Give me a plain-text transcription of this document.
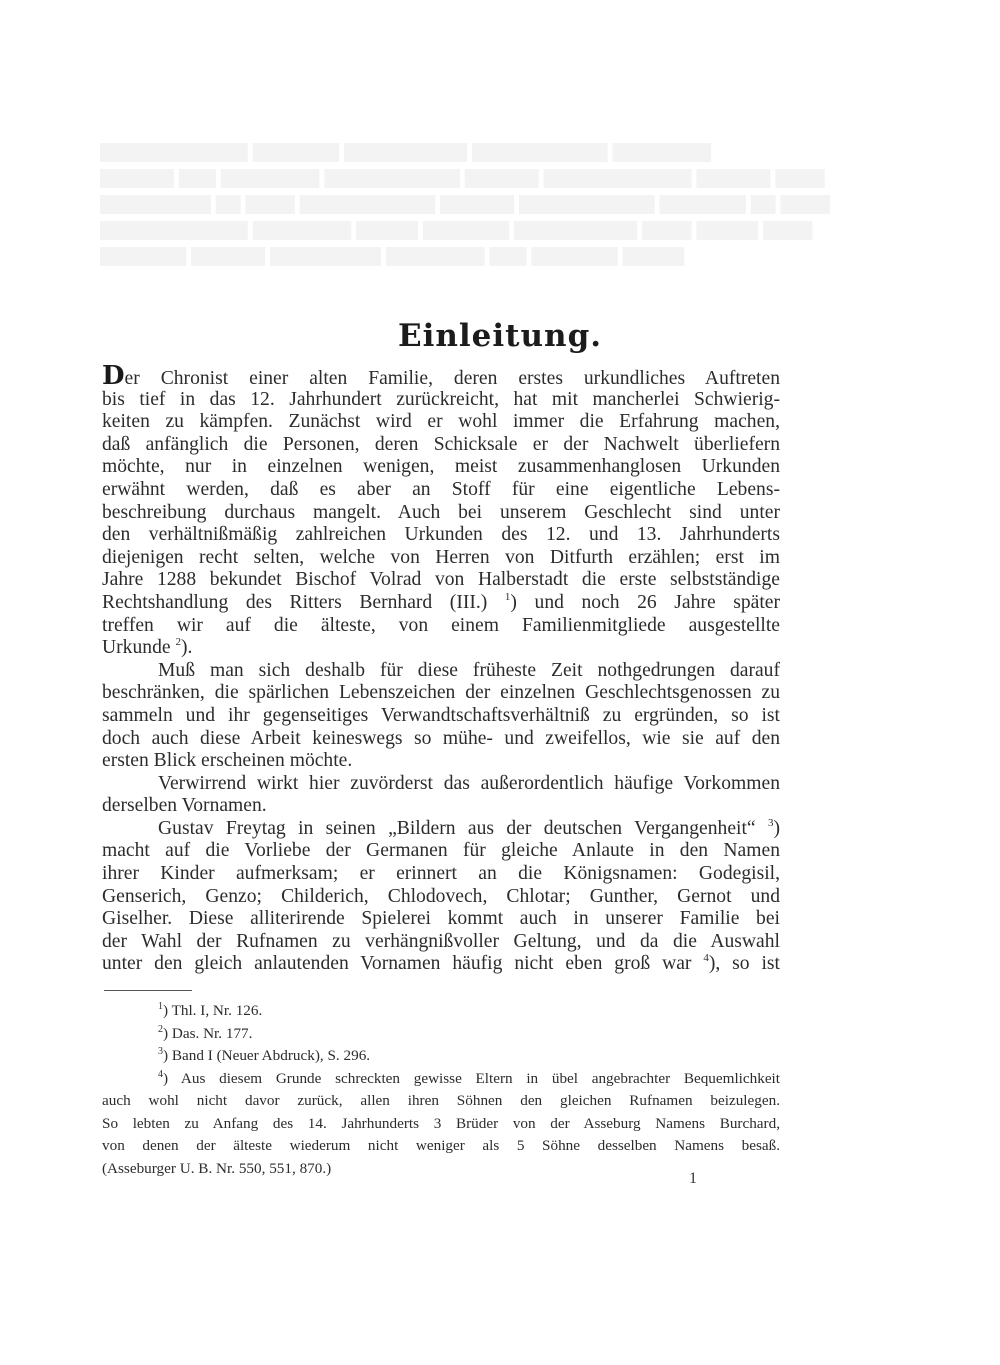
Einleitung.
Der Chronist einer alten Familie, deren erstes urkundliches Auftreten
bis tief in das 12. Jahrhundert zurückreicht, hat mit mancherlei Schwierig-
keiten zu kämpfen. Zunächst wird er wohl immer die Erfahrung machen,
daß anfänglich die Personen, deren Schicksale er der Nachwelt überliefern
möchte, nur in einzelnen wenigen, meist zusammenhanglosen Urkunden
erwähnt werden, daß es aber an Stoff für eine eigentliche Lebens-
beschreibung durchaus mangelt. Auch bei unserem Geschlecht sind unter
den verhältnißmäßig zahlreichen Urkunden des 12. und 13. Jahrhunderts
diejenigen recht selten, welche von Herren von Ditfurth erzählen; erst im
Jahre 1288 bekundet Bischof Volrad von Halberstadt die erste selbstständige
Rechtshandlung des Ritters Bernhard (III.) $^1$) und noch 26 Jahre später
treffen wir auf die älteste, von einem Familienmitgliede ausgestellte
Urkunde $^2$).
Muß man sich deshalb für diese früheste Zeit nothgedrungen darauf
beschränken, die spärlichen Lebenszeichen der einzelnen Geschlechtsgenossen zu
sammeln und ihr gegenseitiges Verwandtschaftsverhältniß zu ergründen, so ist
doch auch diese Arbeit keineswegs so mühe- und zweifellos, wie sie auf den
ersten Blick erscheinen möchte.
Verwirrend wirkt hier zuvörderst das außerordentlich häufige Vorkommen
derselben Vornamen.
Gustav Freytag in seinen „Bildern aus der deutschen Vergangenheit“ $^3$)
macht auf die Vorliebe der Germanen für gleiche Anlaute in den Namen
ihrer Kinder aufmerksam; er erinnert an die Königsnamen: Godegisil,
Genserich, Genzo; Childerich, Chlodovech, Chlotar; Gunther, Gernot und
Giselher. Diese alliterirende Spielerei kommt auch in unserer Familie bei
der Wahl der Rufnamen zu verhängnißvoller Geltung, und da die Auswahl
unter den gleich anlautenden Vornamen häufig nicht eben groß war $^4$), so ist
$^1$) Thl. I, Nr. 126.
$^2$) Das. Nr. 177.
$^3$) Band I (Neuer Abdruck), S. 296.
$^4$) Aus diesem Grunde schreckten gewisse Eltern in übel angebrachter Bequemlichkeit
auch wohl nicht davor zurück, allen ihren Söhnen den gleichen Rufnamen beizulegen.
So lebten zu Anfang des 14. Jahrhunderts 3 Brüder von der Asseburg Namens Burchard,
von denen der älteste wiederum nicht weniger als 5 Söhne desselben Namens besaß.
(Asseburger U. B. Nr. 550, 551, 870.)
1
